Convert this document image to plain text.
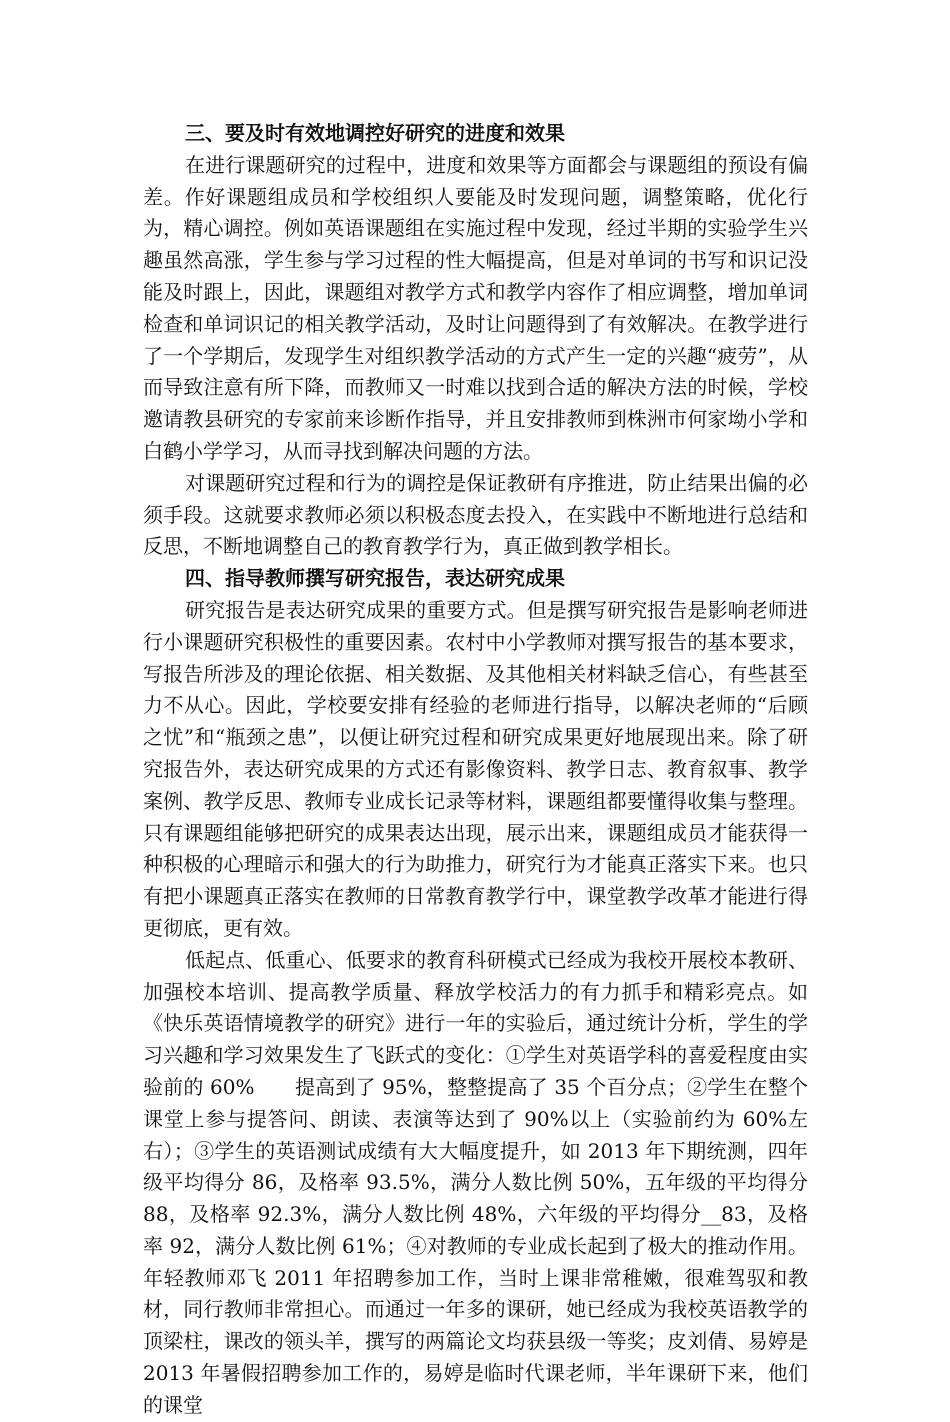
三、要及时有效地调控好研究的进度和效果

在进行课题研究的过程中，进度和效果等方面都会与课题组的预设有偏差。作好课题组成员和学校组织人要能及时发现问题，调整策略，优化行为，精心调控。例如英语课题组在实施过程中发现，经过半期的实验学生兴趣虽然高涨，学生参与学习过程的性大幅提高，但是对单词的书写和识记没能及时跟上，因此，课题组对教学方式和教学内容作了相应调整，增加单词检查和单词识记的相关教学活动，及时让问题得到了有效解决。在教学进行了一个学期后，发现学生对组织教学活动的方式产生一定的兴趣“疲劳”，从而导致注意有所下降，而教师又一时难以找到合适的解决方法的时候，学校邀请教县研究的专家前来诊断作指导，并且安排教师到株洲市何家坳小学和白鹤小学学习，从而寻找到解决问题的方法。

对课题研究过程和行为的调控是保证教研有序推进，防止结果出偏的必须手段。这就要求教师必须以积极态度去投入，在实践中不断地进行总结和反思，不断地调整自己的教育教学行为，真正做到教学相长。

四、指导教师撰写研究报告，表达研究成果

研究报告是表达研究成果的重要方式。但是撰写研究报告是影响老师进行小课题研究积极性的重要因素。农村中小学教师对撰写报告的基本要求，写报告所涉及的理论依据、相关数据、及其他相关材料缺乏信心，有些甚至力不从心。因此，学校要安排有经验的老师进行指导，以解决老师的“后顾之忧”和“瓶颈之患”，以便让研究过程和研究成果更好地展现出来。除了研究报告外，表达研究成果的方式还有影像资料、教学日志、教育叙事、教学案例、教学反思、教师专业成长记录等材料，课题组都要懂得收集与整理。只有课题组能够把研究的成果表达出现，展示出来，课题组成员才能获得一种积极的心理暗示和强大的行为助推力，研究行为才能真正落实下来。也只有把小课题真正落实在教师的日常教育教学行中，课堂教学改革才能进行得更彻底，更有效。

低起点、低重心、低要求的教育科研模式已经成为我校开展校本教研、加强校本培训、提高教学质量、释放学校活力的有力抓手和精彩亮点。如《快乐英语情境教学的研究》进行一年的实验后，通过统计分析，学生的学习兴趣和学习效果发生了飞跃式的变化：①学生对英语学科的喜爱程度由实验前的 60%　　提高到了 95%，整整提高了 35 个百分点；②学生在整个课堂上参与提答问、朗读、表演等达到了 90%以上（实验前约为 60%左右）；③学生的英语测试成绩有大大幅度提升，如 2013 年下期统测，四年级平均得分 86，及格率 93.5%，满分人数比例 50%，五年级的平均得分 88，及格率 92.3%，满分人数比例 48%，六年级的平均得分__83，及格率 92，满分人数比例 61%；④对教师的专业成长起到了极大的推动作用。年轻教师邓飞 2011 年招聘参加工作，当时上课非常稚嫩，很难驾驭和教材，同行教师非常担心。而通过一年多的课研，她已经成为我校英语教学的顶梁柱，课改的领头羊，撰写的两篇论文均获县级一等奖；皮刘倩、易婷是 2013 年暑假招聘参加工作的，易婷是临时代课老师，半年课研下来，他们的课堂
